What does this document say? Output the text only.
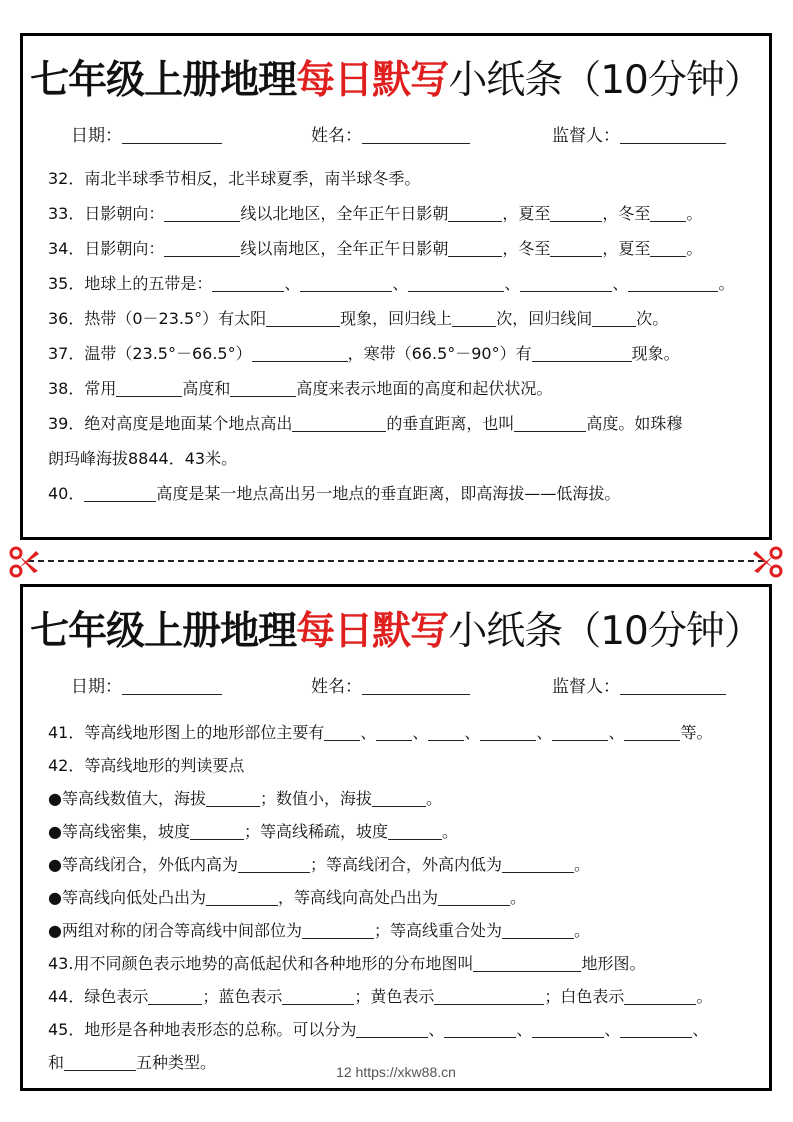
七年级上册地理每日默写小纸条（10分钟）
日期：	姓名：	监督人：
32．南北半球季节相反，北半球夏季，南半球冬季。
33．日影朝向：	线以北地区，全年正午日影朝	，夏至	，冬至 。
34．日影朝向：	线以南地区，全年正午日影朝	，冬至	，夏至 。
35．地球上的五带是：	、	、	、	、	。
36．热带（0－23.5°）有太阳	现象，回归线上	次，回归线间	次。
37．温带（23.5°－66.5°）	，寒带（66.5°－90°）有	现象。
38．常用	高度和	高度来表示地面的高度和起伏状况。
39．绝对高度是地面某个地点高出	的垂直距离，也叫	高度。如珠穆
朗玛峰海拔8844．43米。
40．	高度是某一地点高出另一地点的垂直距离，即高海拔——低海拔。
七年级上册地理每日默写小纸条（10分钟）
日期：	姓名：	监督人：
41．等高线地形图上的地形部位主要有 、 、 、	、	、	等。
42．等高线地形的判读要点
●等高线数值大，海拔	；数值小，海拔	。
●等高线密集，坡度	；等高线稀疏，坡度	。
●等高线闭合，外低内高为	；等高线闭合，外高内低为	。
●等高线向低处凸出为	，等高线向高处凸出为	。
●两组对称的闭合等高线中间部位为	；等高线重合处为	。
43.用不同颜色表示地势的高低起伏和各种地形的分布地图叫	地形图。
44．绿色表示	；蓝色表示	；黄色表示	；白色表示	。
45．地形是各种地表形态的总称。可以分为	、	、	、	、
和	五种类型。	12 https://xkw88.cn
